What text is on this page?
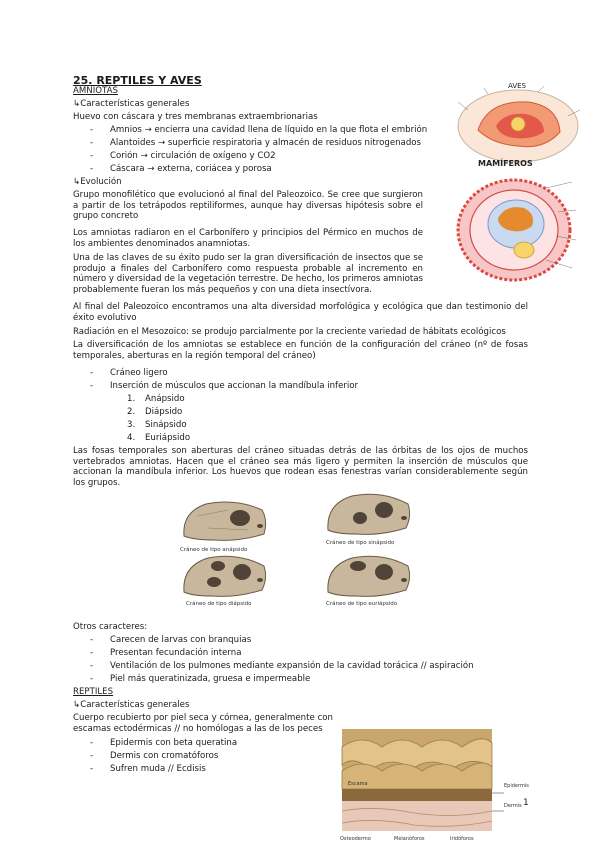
25. REPTILES Y AVES
AMNIOTAS
↳Características generales
Huevo con cáscara y tres membranas extraembrionarias
- Amnios → encierra una cavidad llena de líquido en la que flota el embrión
- Alantoides → superficie respiratoria y almacén de residuos nitrogenados
- Corión → circulación de oxígeno y CO2
- Cáscara → externa, coriácea y porosa
↳Evolución
Grupo monofilético que evolucionó al final del Paleozoico. Se cree que surgieron a partir de los tetrápodos reptiliformes, aunque hay diversas hipótesis sobre el grupo concreto
Los amniotas radiaron en el Carbonífero y principios del Pérmico en muchos de los ambientes denominados anamniotas.
Una de las claves de su éxito pudo ser la gran diversificación de insectos que se produjo a finales del Carbonífero como respuesta probable al incremento en número y diversidad de la vegetación terrestre. De hecho, los primeros amniotas probablemente fueran los más pequeños y con una dieta insectívora.
Al final del Paleozoico encontramos una alta diversidad morfológica y ecológica que dan testimonio del éxito evolutivo
Radiación en el Mesozoico: se produjo parcialmente por la creciente variedad de hábitats ecológicos
La diversificación de los amniotas se establece en función de la configuración del cráneo (nº de fosas temporales, aberturas en la región temporal del cráneo)
- Cráneo ligero
- Inserción de músculos que accionan la mandíbula inferior
1. Anápsido
2. Diápsido
3. Sinápsido
4. Euriápsido
Las fosas temporales son aberturas del cráneo situadas detrás de las órbitas de los ojos de muchos vertebrados amniotas. Hacen que el cráneo sea más ligero y permiten la inserción de músculos que accionan la mandíbula inferior. Los huevos que rodean esas fenestras varían considerablemente según los grupos.
Cráneo de tipo anápsido
Cráneo de tipo sinápsido
Cráneo de tipo diápsido	Cráneo de tipo euriápsido
Otros caracteres:
- Carecen de larvas con branquias
- Presentan fecundación interna
- Ventilación de los pulmones mediante expansión de la cavidad torácica // aspiración
- Piel más queratinizada, gruesa e impermeable
REPTILES
↳Características generales
Cuerpo recubierto por piel seca y córnea, generalmente con escamas ectodérmicas // no homólogas a las de los peces
- Epidermis con beta queratina
- Dermis con cromatóforos
- Sufren muda // Ecdisis
AVES
MAMÍFEROS
Epidermis
Dermis
Escama
Osteodermo	Melanóforos	Iridóforos
1
